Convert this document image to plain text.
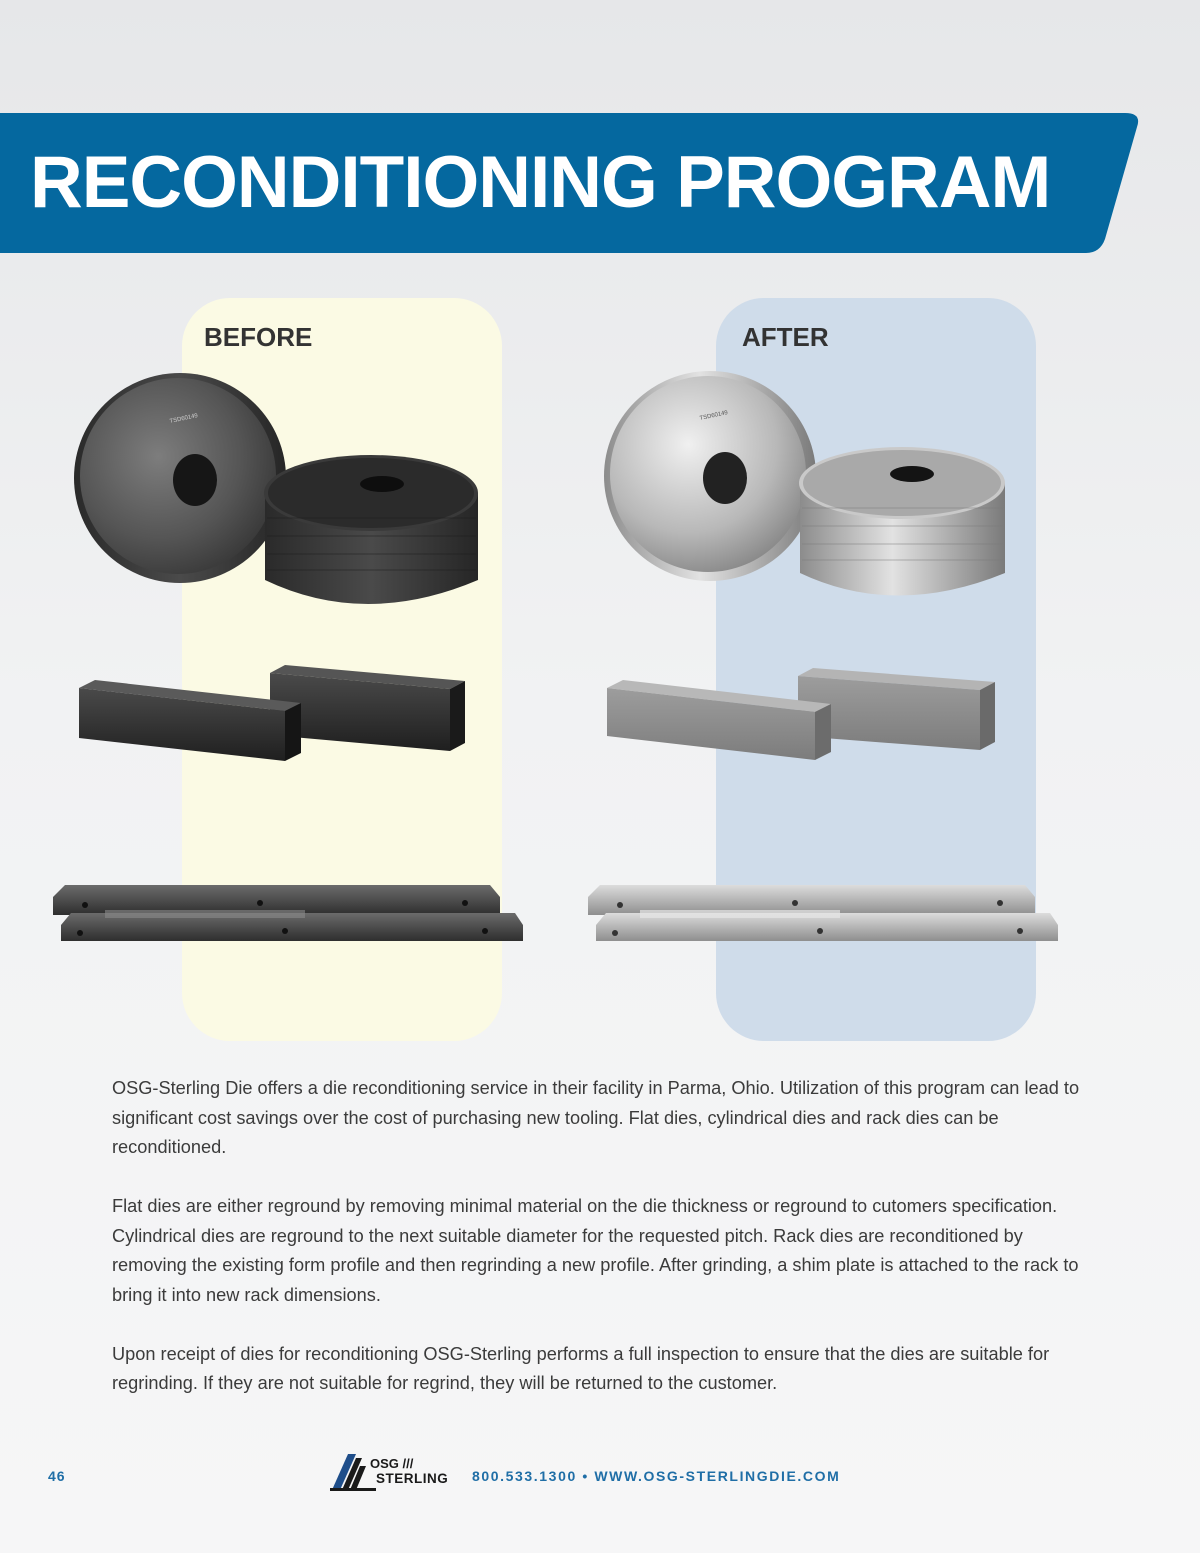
RECONDITIONING PROGRAM
BEFORE	AFTER
TSD60149	TSD60149

OSG-Sterling Die offers a die reconditioning service in their facility in Parma, Ohio. Utilization of this program can lead to significant cost savings over the cost of purchasing new tooling. Flat dies, cylindrical dies and rack dies can be reconditioned.

Flat dies are either reground by removing minimal material on the die thickness or reground to cutomers specification. Cylindrical dies are reground to the next suitable diameter for the requested pitch. Rack dies are reconditioned by removing the existing form profile and then regrinding a new profile. After grinding, a shim plate is attached to the rack to bring it into new rack dimensions.

Upon receipt of dies for reconditioning OSG-Sterling performs a full inspection to ensure that the dies are suitable for regrinding. If they are not suitable for regrind, they will be returned to the customer.

46
OSG ///
STERLING 800.533.1300 • WWW.OSG-STERLINGDIE.COM
